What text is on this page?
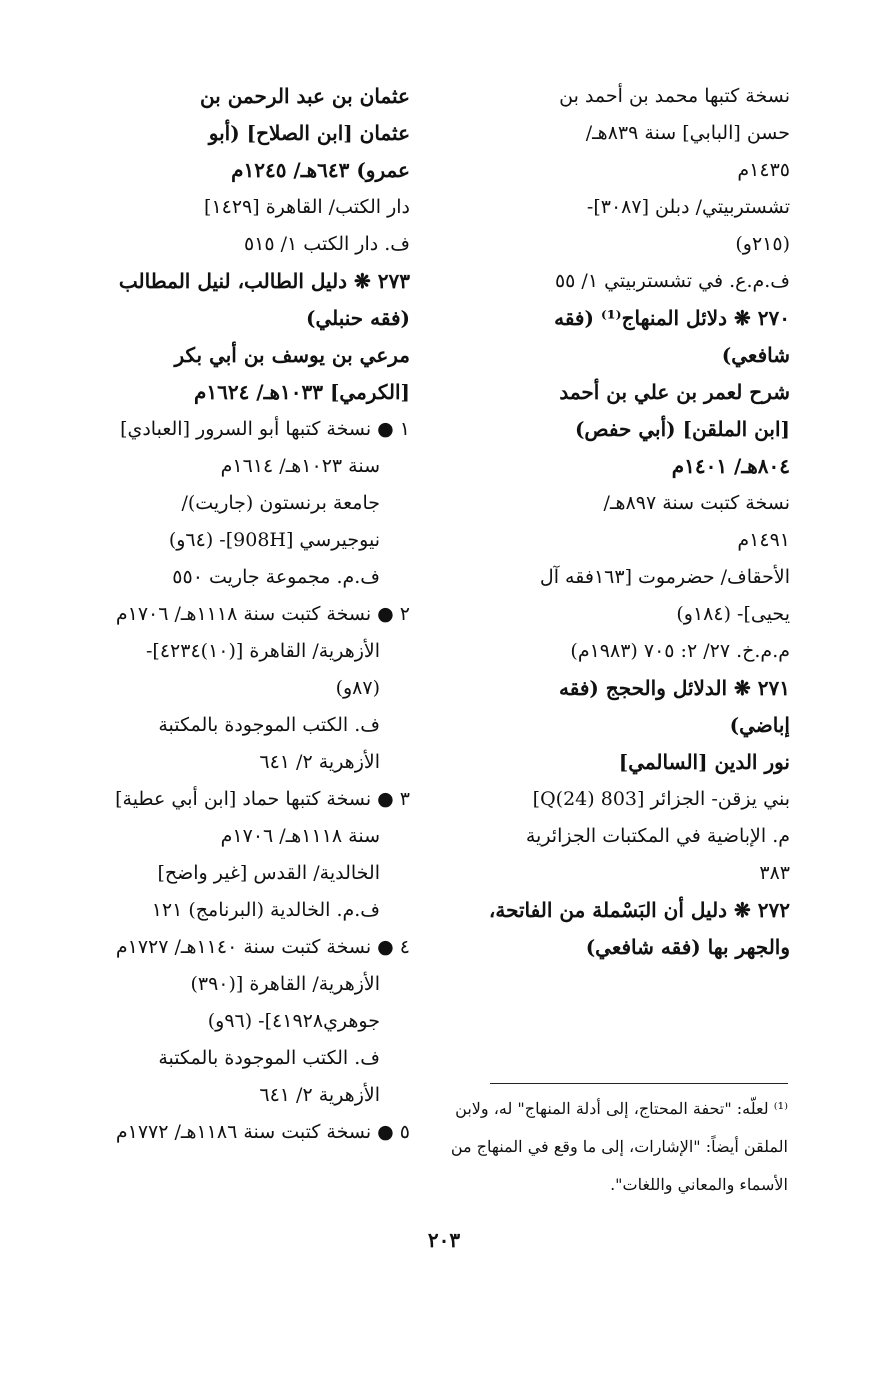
نسخة كتبها محمد بن أحمد بن
حسن [البابي] سنة ٨٣٩هـ/
١٤٣٥م
تشستربيتي/ دبلن [٣٠٨٧]-
(٢١٥و)
ف.م.ع. في تشستربيتي ١/ ٥٥
٢٧٠ ❋ دلائل المنهاج⁽¹⁾ (فقه
شافعي)
شرح لعمر بن علي بن أحمد
[ابن الملقن] (أبي حفص)
٨٠٤هـ/ ١٤٠١م
نسخة كتبت سنة ٨٩٧هـ/
١٤٩١م
الأحقاف/ حضرموت [١٦٣فقه آل
يحيى]- (١٨٤و)
م.م.خ. ٢٧/ ٢: ٧٠٥ (١٩٨٣م)
٢٧١ ❋ الدلائل والحجج (فقه
إباضي)
نور الدين [السالمي]
بني يزقن- الجزائر [803 Q(24)]
م. الإباضية في المكتبات الجزائرية
٣٨٣
٢٧٢ ❋ دليل أن البَسْملة من الفاتحة،
والجهر بها (فقه شافعي)
عثمان بن عبد الرحمن بن
عثمان [ابن الصلاح] (أبو
عمرو) ٦٤٣هـ/ ١٢٤٥م
دار الكتب/ القاهرة [١٤٢٩]
ف. دار الكتب ١/ ٥١٥
٢٧٣ ❋ دليل الطالب، لنيل المطالب
(فقه حنبلي)
مرعي بن يوسف بن أبي بكر
[الكرمي] ١٠٣٣هـ/ ١٦٢٤م
١ ● نسخة كتبها أبو السرور [العبادي]
سنة ١٠٢٣هـ/ ١٦١٤م
جامعة برنستون (جاريت)/
نيوجيرسي [908H]- (٦٤و)
ف.م. مجموعة جاريت ٥٥٠
٢ ● نسخة كتبت سنة ١١١٨هـ/ ١٧٠٦م
الأزهرية/ القاهرة [(١٠)٤٢٣٤]-
(٨٧و)
ف. الكتب الموجودة بالمكتبة
الأزهرية ٢/ ٦٤١
٣ ● نسخة كتبها حماد [ابن أبي عطية]
سنة ١١١٨هـ/ ١٧٠٦م
الخالدية/ القدس [غير واضح]
ف.م. الخالدية (البرنامج) ١٢١
٤ ● نسخة كتبت سنة ١١٤٠هـ/ ١٧٢٧م
الأزهرية/ القاهرة [(٣٩٠)
جوهري٤١٩٢٨]- (٩٦و)
ف. الكتب الموجودة بالمكتبة
الأزهرية ٢/ ٦٤١
٥ ● نسخة كتبت سنة ١١٨٦هـ/ ١٧٧٢م
⁽¹⁾ لعلّه: "تحفة المحتاج، إلى أدلة المنهاج" له، ولابن
الملقن أيضاً: "الإشارات، إلى ما وقع في المنهاج من
الأسماء والمعاني واللغات".
٢٠٣
